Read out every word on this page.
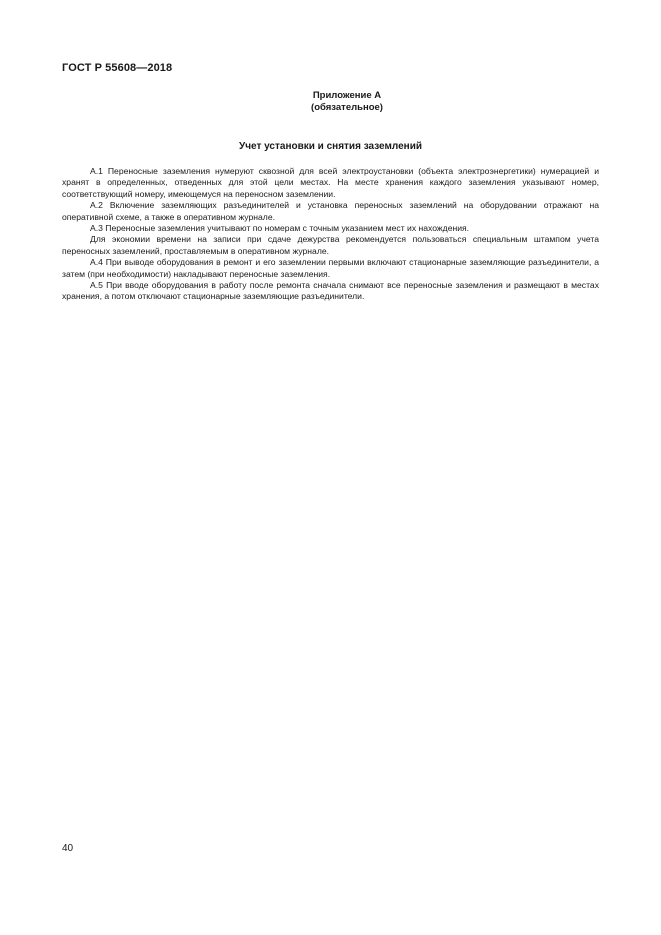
ГОСТ Р 55608—2018
Приложение А
(обязательное)
Учет установки и снятия заземлений

А.1 Переносные заземления нумеруют сквозной для всей электроустановки (объекта электроэнергетики) нумерацией и хранят в определенных, отведенных для этой цели местах. На месте хранения каждого заземления указывают номер, соответствующий номеру, имеющемуся на переносном заземлении.

А.2 Включение заземляющих разъединителей и установка переносных заземлений на оборудовании отражают на оперативной схеме, а также в оперативном журнале.

А.3 Переносные заземления учитывают по номерам с точным указанием мест их нахождения.

Для экономии времени на записи при сдаче дежурства рекомендуется пользоваться специальным штампом учета переносных заземлений, проставляемым в оперативном журнале.

А.4 При выводе оборудования в ремонт и его заземлении первыми включают стационарные заземляющие разъединители, а затем (при необходимости) накладывают переносные заземления.

А.5 При вводе оборудования в работу после ремонта сначала снимают все переносные заземления и размещают в местах хранения, а потом отключают стационарные заземляющие разъединители.

40
